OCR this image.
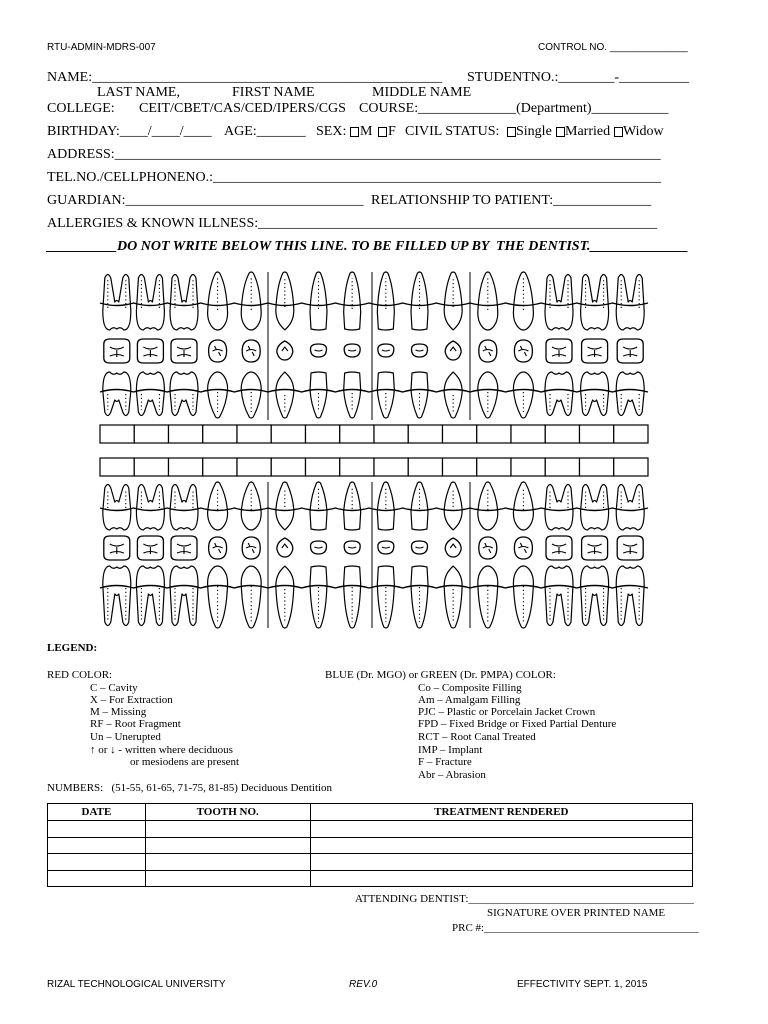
RTU-ADMIN-MDRS-007	CONTROL NO. ______________
NAME:__________________________________________________ STUDENTNO.:________-__________
LAST NAME,	FIRST NAME	MIDDLE NAME
COLLEGE: CEIT/CBET/CAS/CED/IPERS/CGS COURSE:______________(Department)___________
BIRTHDAY:____/____/____ AGE:_______ SEX: M F CIVIL STATUS: Single Married Widow
ADDRESS:______________________________________________________________________________
TEL.NO./CELLPHONENO.:________________________________________________________________
GUARDIAN:__________________________________ RELATIONSHIP TO PATIENT:______________
ALLERGIES & KNOWN ILLNESS:_________________________________________________________
__________DO NOT WRITE BELOW THIS LINE. TO BE FILLED UP BY  THE DENTIST.______________
LEGEND:
RED COLOR:
C – Cavity
X – For Extraction
M – Missing
RF – Root Fragment
Un – Unerupted
↑ or ↓ - written where deciduous
or mesiodens are present
BLUE (Dr. MGO) or GREEN (Dr. PMPA) COLOR:
Co – Composite Filling
Am – Amalgam Filling
PJC – Plastic or Porcelain Jacket Crown
FPD – Fixed Bridge or Fixed Partial Denture
RCT – Root Canal Treated
IMP – Implant
F – Fracture
Abr – Abrasion
NUMBERS:   (51-55, 61-65, 71-75, 81-85) Deciduous Dentition
DATE	TOOTH NO.	TREATMENT RENDERED

ATTENDING DENTIST:_________________________________________
SIGNATURE OVER PRINTED NAME
PRC #:_______________________________________
RIZAL TECHNOLOGICAL UNIVERSITY	REV.0	EFFECTIVITY SEPT. 1, 2015
